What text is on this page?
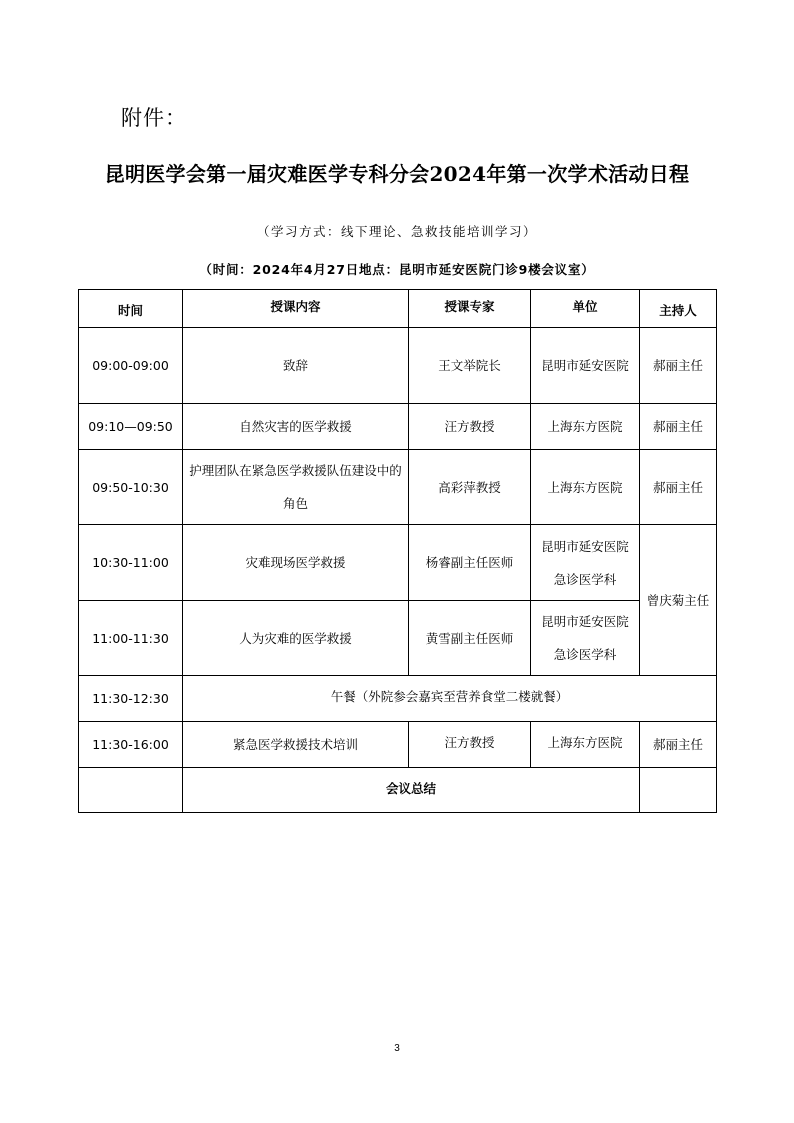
附件：
昆明医学会第一届灾难医学专科分会2024年第一次学术活动日程
（学习方式：线下理论、急救技能培训学习）
（时间：2024年4月27日地点：昆明市延安医院门诊9楼会议室）
时间	授课内容	授课专家	单位	主持人
09:00-09:00	致辞	王文举院长	昆明市延安医院	郝丽主任
09:10—09:50	自然灾害的医学救援	汪方教授	上海东方医院	郝丽主任
09:50-10:30	护理团队在紧急医学救援队伍建设中的角色	高彩萍教授	上海东方医院	郝丽主任
10:30-11:00	灾难现场医学救援	杨睿副主任医师	昆明市延安医院急诊医学科	曾庆菊主任
11:00-11:30	人为灾难的医学救援	黄雪副主任医师	昆明市延安医院急诊医学科	
11:30-12:30	午餐（外院参会嘉宾至营养食堂二楼就餐）			
11:30-16:00	紧急医学救援技术培训	汪方教授	上海东方医院	郝丽主任
	会议总结			
3
